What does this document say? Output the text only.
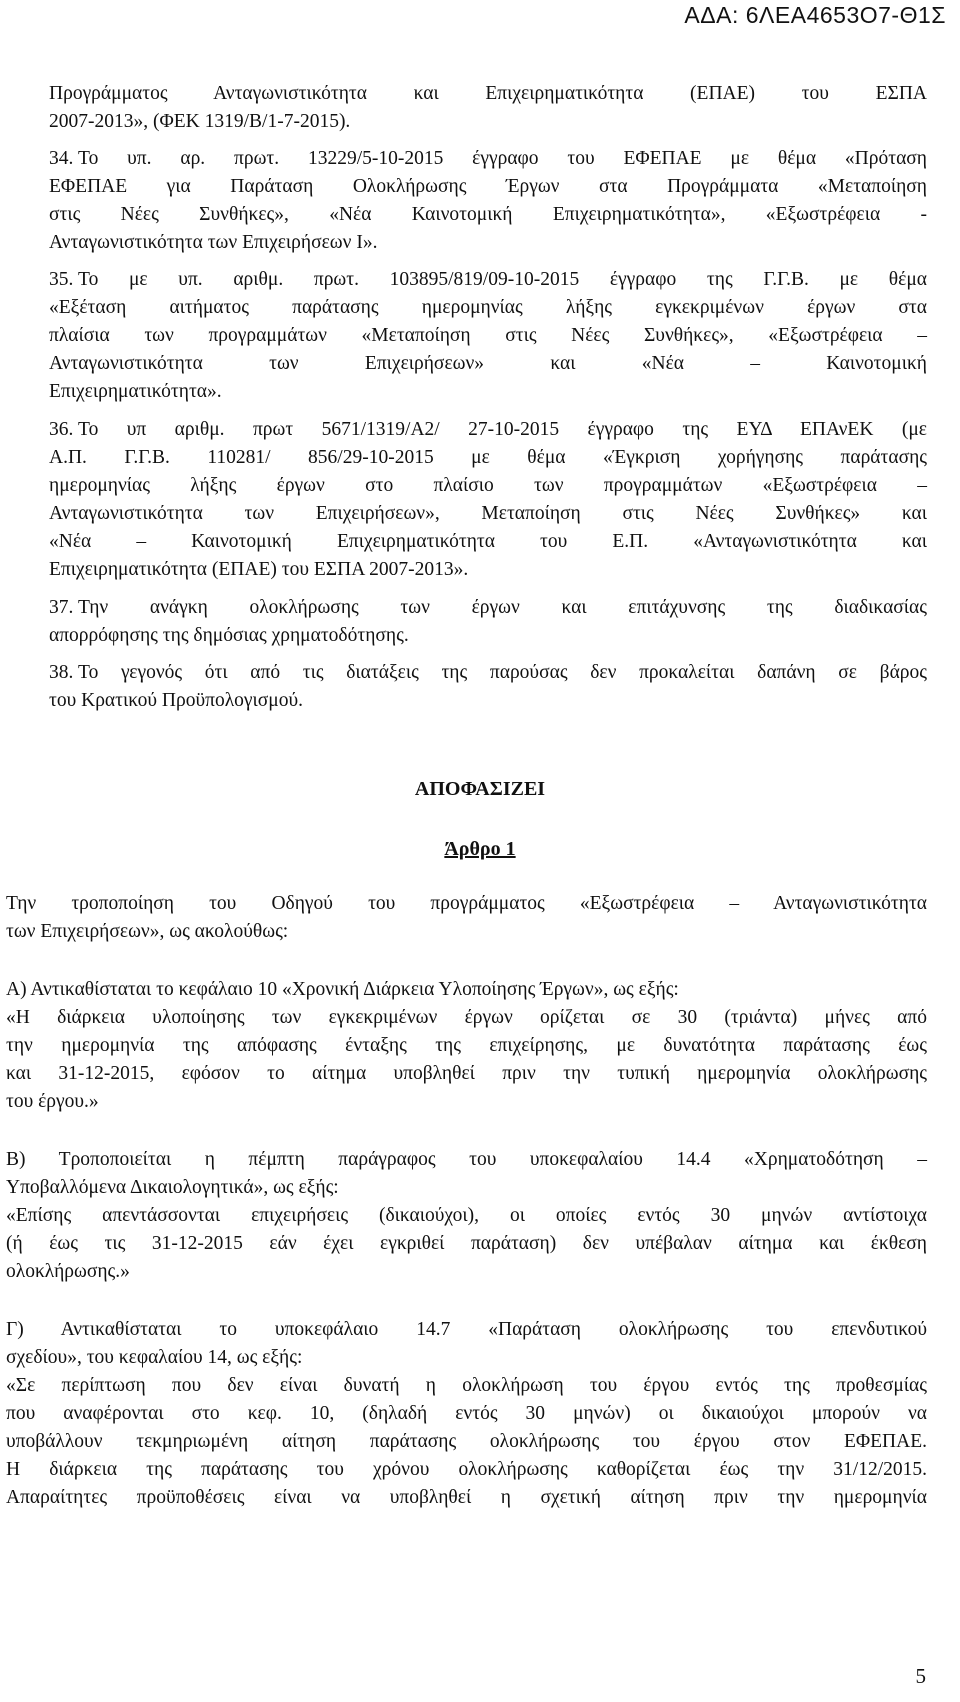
ΑΔΑ: 6ΛΕΑ4653Ο7-Θ1Σ

Προγράμματος Ανταγωνιστικότητα και Επιχειρηματικότητα (ΕΠΑΕ) του ΕΣΠΑ

2007-2013», (ΦΕΚ 1319/Β/1-7-2015).

34. Το υπ. αρ. πρωτ. 13229/5-10-2015 έγγραφο του ΕΦΕΠΑΕ με θέμα «Πρόταση

ΕΦΕΠΑΕ για Παράταση Ολοκλήρωσης Έργων στα Προγράμματα «Μεταποίηση

στις Νέες Συνθήκες», «Νέα Καινοτομική Επιχειρηματικότητα», «Εξωστρέφεια -

Ανταγωνιστικότητα των Επιχειρήσεων Ι».

35. Το με υπ. αριθμ. πρωτ. 103895/819/09-10-2015 έγγραφο της Γ.Γ.Β. με θέμα

«Εξέταση αιτήματος παράτασης ημερομηνίας λήξης εγκεκριμένων έργων στα

πλαίσια των προγραμμάτων «Μεταποίηση στις Νέες Συνθήκες», «Εξωστρέφεια –

Ανταγωνιστικότητα των Επιχειρήσεων» και «Νέα – Καινοτομική

Επιχειρηματικότητα».

36. Το υπ αριθμ. πρωτ 5671/1319/Α2/ 27-10-2015 έγγραφο της ΕΥΔ ΕΠΑνΕΚ (με

Α.Π. Γ.Γ.Β. 110281/ 856/29-10-2015 με θέμα «Έγκριση χορήγησης παράτασης

ημερομηνίας λήξης έργων στο πλαίσιο των προγραμμάτων «Εξωστρέφεια –

Ανταγωνιστικότητα των Επιχειρήσεων», Μεταποίηση στις Νέες Συνθήκες» και

«Νέα – Καινοτομική Επιχειρηματικότητα του Ε.Π. «Ανταγωνιστικότητα και

Επιχειρηματικότητα (ΕΠΑΕ) του ΕΣΠΑ 2007-2013».

37. Την ανάγκη ολοκλήρωσης των έργων και επιτάχυνσης της διαδικασίας

απορρόφησης της δημόσιας χρηματοδότησης.

38. Το γεγονός ότι από τις διατάξεις της παρούσας δεν προκαλείται δαπάνη σε βάρος

του Κρατικού Προϋπολογισμού.

ΑΠΟΦΑΣΙΖΕΙ

Άρθρο 1

Την τροποποίηση του Οδηγού του προγράμματος «Εξωστρέφεια – Ανταγωνιστικότητα

των Επιχειρήσεων», ως ακολούθως:

Α) Αντικαθίσταται το κεφάλαιο 10 «Χρονική Διάρκεια Υλοποίησης Έργων», ως εξής:

«Η διάρκεια υλοποίησης των εγκεκριμένων έργων ορίζεται σε 30 (τριάντα) μήνες από

την ημερομηνία της απόφασης ένταξης της επιχείρησης, με δυνατότητα παράτασης έως

και 31-12-2015, εφόσον το αίτημα υποβληθεί πριν την τυπική ημερομηνία ολοκλήρωσης

του έργου.»

Β) Τροποποιείται η πέμπτη παράγραφος του υποκεφαλαίου 14.4 «Χρηματοδότηση –

Υποβαλλόμενα Δικαιολογητικά», ως εξής:

«Επίσης απεντάσσονται επιχειρήσεις (δικαιούχοι), οι οποίες εντός 30 μηνών αντίστοιχα

(ή έως τις 31-12-2015 εάν έχει εγκριθεί παράταση) δεν υπέβαλαν αίτημα και έκθεση

ολοκλήρωσης.»

Γ) Αντικαθίσταται το υποκεφάλαιο 14.7 «Παράταση ολοκλήρωσης του επενδυτικού

σχεδίου», του κεφαλαίου 14, ως εξής:

«Σε περίπτωση που δεν είναι δυνατή η ολοκλήρωση του έργου εντός της προθεσμίας

που αναφέρονται στο κεφ. 10, (δηλαδή εντός 30 μηνών) οι δικαιούχοι μπορούν να

υποβάλλουν τεκμηριωμένη αίτηση παράτασης ολοκλήρωσης του έργου στον ΕΦΕΠΑΕ.

Η διάρκεια της παράτασης του χρόνου ολοκλήρωσης καθορίζεται έως την 31/12/2015.

Απαραίτητες προϋποθέσεις είναι να υποβληθεί η σχετική αίτηση πριν την ημερομηνία

5
